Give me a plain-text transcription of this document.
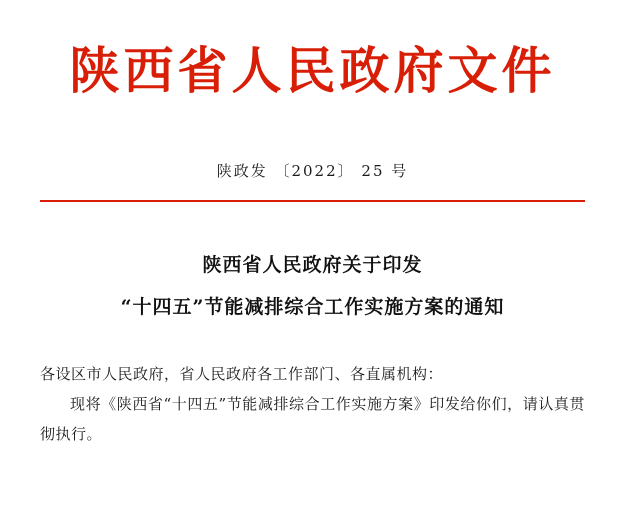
陕西省人民政府文件
陕政发 〔2022〕 25 号
陕西省人民政府关于印发
“十四五”节能减排综合工作实施方案的通知
各设区市人民政府，省人民政府各工作部门、各直属机构：
现将《陕西省“十四五”节能减排综合工作实施方案》印发给你们，请认真贯彻执行。
